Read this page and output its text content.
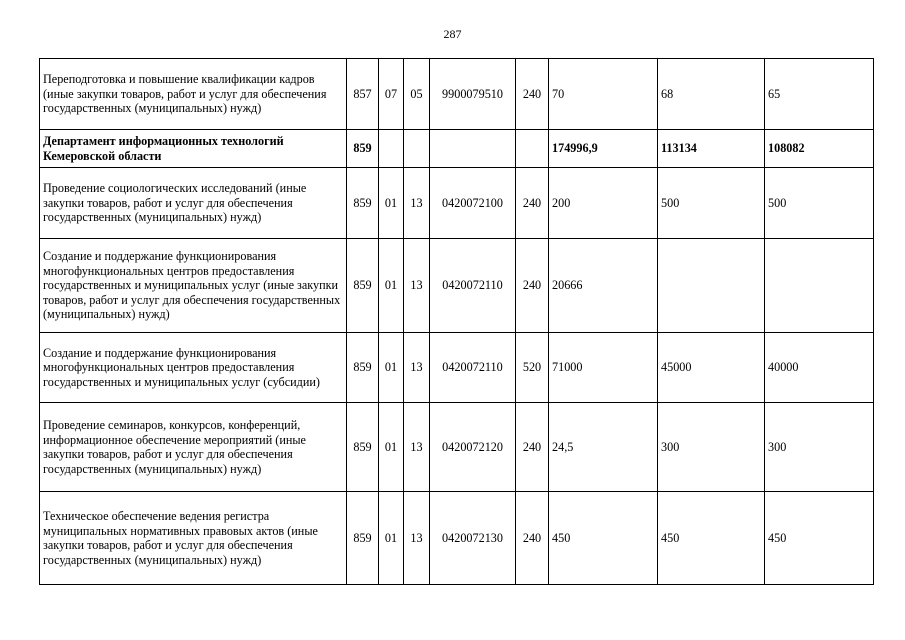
287
Переподготовка и повышение квалификации кадров (иные закупки товаров, работ и услуг для обеспечения государственных (муниципальных) нужд)	857	07	05	9900079510	240	70	68	65
Департамент информационных технологий Кемеровской области	859					174996,9	113134	108082
Проведение социологических исследований (иные закупки товаров, работ и услуг для обеспечения государственных (муниципальных) нужд)	859	01	13	0420072100	240	200	500	500
Создание и поддержание функционирования многофункциональных центров предоставления государственных и муниципальных услуг (иные закупки товаров, работ и услуг для обеспечения государственных (муниципальных) нужд)	859	01	13	0420072110	240	20666		
Создание и поддержание функционирования многофункциональных центров предоставления государственных и муниципальных услуг (субсидии)	859	01	13	0420072110	520	71000	45000	40000
Проведение семинаров, конкурсов, конференций, информационное обеспечение мероприятий (иные закупки товаров, работ и услуг для обеспечения государственных (муниципальных) нужд)	859	01	13	0420072120	240	24,5	300	300
Техническое обеспечение ведения регистра муниципальных нормативных правовых актов (иные закупки товаров, работ и услуг для обеспечения государственных (муниципальных) нужд)	859	01	13	0420072130	240	450	450	450
